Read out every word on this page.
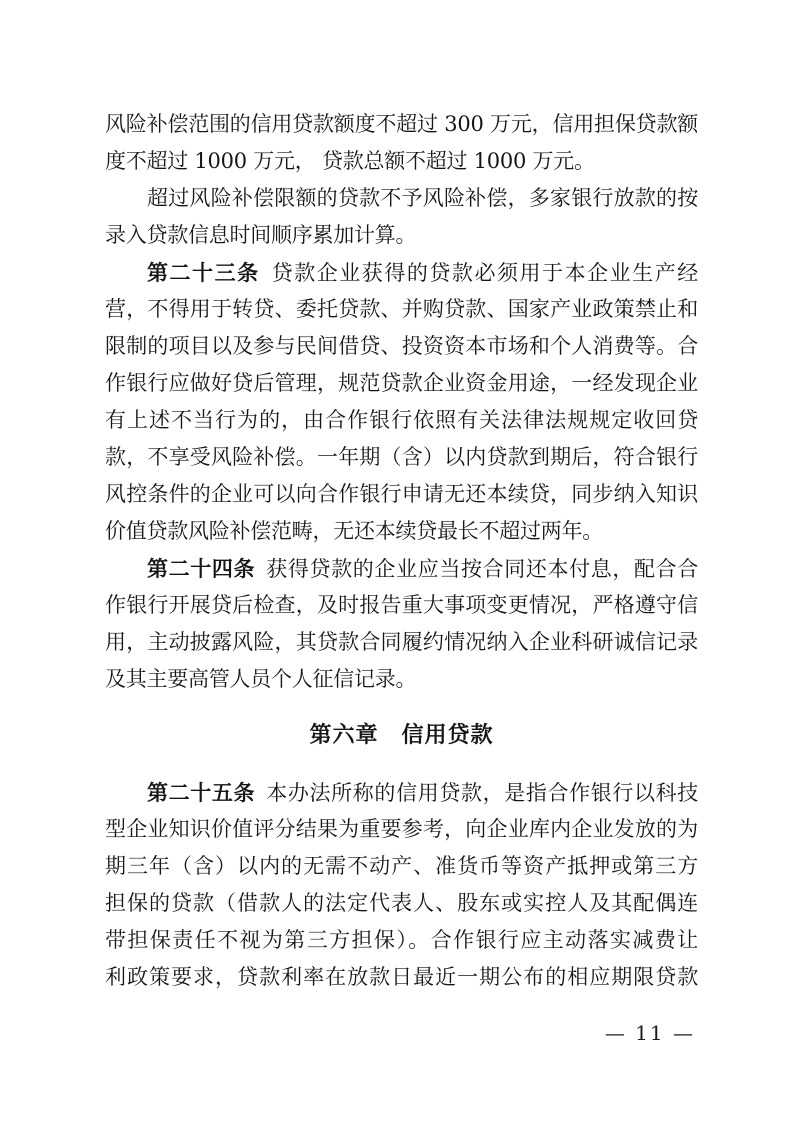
风险补偿范围的信用贷款额度不超过 300 万元，信用担保贷款额
度不超过 1000 万元， 贷款总额不超过 1000 万元。
超过风险补偿限额的贷款不予风险补偿，多家银行放款的按
录入贷款信息时间顺序累加计算。
第二十三条 贷款企业获得的贷款必须用于本企业生产经
营，不得用于转贷、委托贷款、并购贷款、国家产业政策禁止和
限制的项目以及参与民间借贷、投资资本市场和个人消费等。合
作银行应做好贷后管理，规范贷款企业资金用途，一经发现企业
有上述不当行为的，由合作银行依照有关法律法规规定收回贷
款，不享受风险补偿。一年期（含）以内贷款到期后，符合银行
风控条件的企业可以向合作银行申请无还本续贷，同步纳入知识
价值贷款风险补偿范畴，无还本续贷最长不超过两年。
第二十四条 获得贷款的企业应当按合同还本付息，配合合
作银行开展贷后检查，及时报告重大事项变更情况，严格遵守信
用，主动披露风险，其贷款合同履约情况纳入企业科研诚信记录
及其主要高管人员个人征信记录。
第六章　信用贷款
第二十五条 本办法所称的信用贷款，是指合作银行以科技
型企业知识价值评分结果为重要参考，向企业库内企业发放的为
期三年（含）以内的无需不动产、准货币等资产抵押或第三方
担保的贷款（借款人的法定代表人、股东或实控人及其配偶连
带担保责任不视为第三方担保）。合作银行应主动落实减费让
利政策要求，贷款利率在放款日最近一期公布的相应期限贷款
— 11 —
